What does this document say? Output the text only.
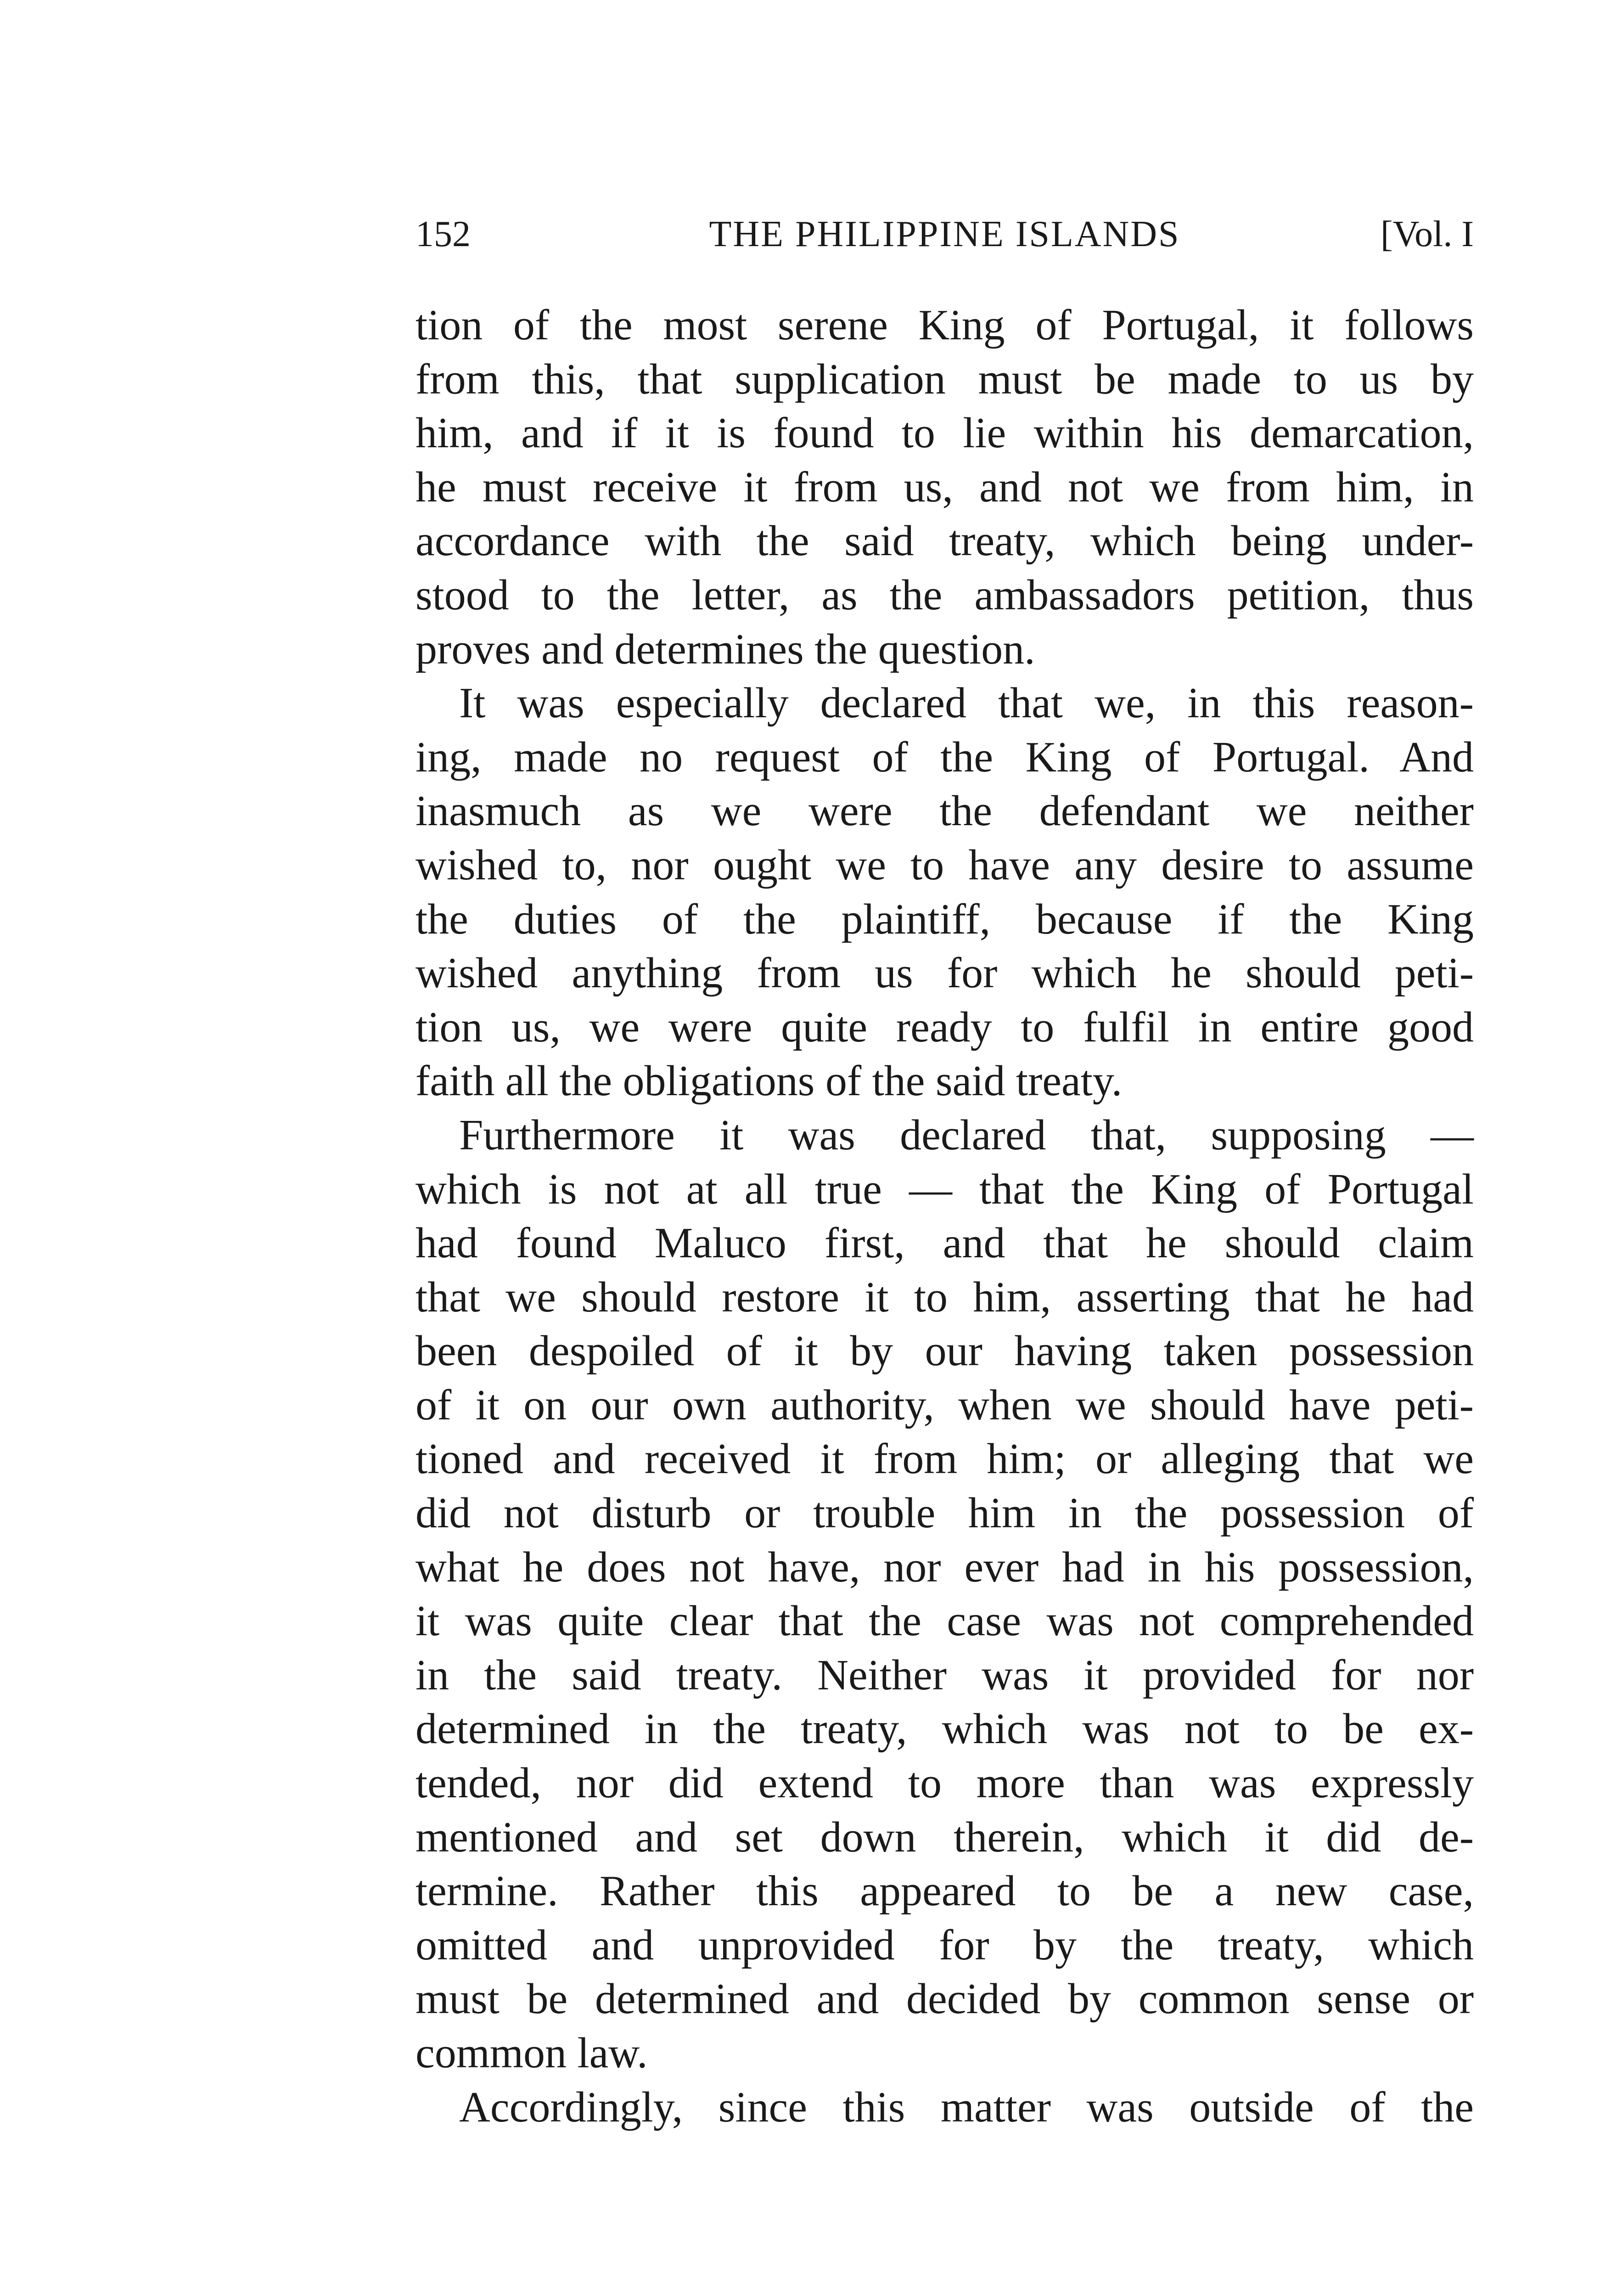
152	THE PHILIPPINE ISLANDS	[Vol. I
tion of the most serene King of Portugal, it follows
from this, that supplication must be made to us by
him, and if it is found to lie within his demarcation,
he must receive it from us, and not we from him, in
accordance with the said treaty, which being under-
stood to the letter, as the ambassadors petition, thus
proves and determines the question.
It was especially declared that we, in this reason-
ing, made no request of the King of Portugal. And
inasmuch as we were the defendant we neither
wished to, nor ought we to have any desire to assume
the duties of the plaintiff, because if the King
wished anything from us for which he should peti-
tion us, we were quite ready to fulfil in entire good
faith all the obligations of the said treaty.
Furthermore it was declared that, supposing —
which is not at all true — that the King of Portugal
had found Maluco first, and that he should claim
that we should restore it to him, asserting that he had
been despoiled of it by our having taken possession
of it on our own authority, when we should have peti-
tioned and received it from him; or alleging that we
did not disturb or trouble him in the possession of
what he does not have, nor ever had in his possession,
it was quite clear that the case was not comprehended
in the said treaty. Neither was it provided for nor
determined in the treaty, which was not to be ex-
tended, nor did extend to more than was expressly
mentioned and set down therein, which it did de-
termine. Rather this appeared to be a new case,
omitted and unprovided for by the treaty, which
must be determined and decided by common sense or
common law.
Accordingly, since this matter was outside of the
